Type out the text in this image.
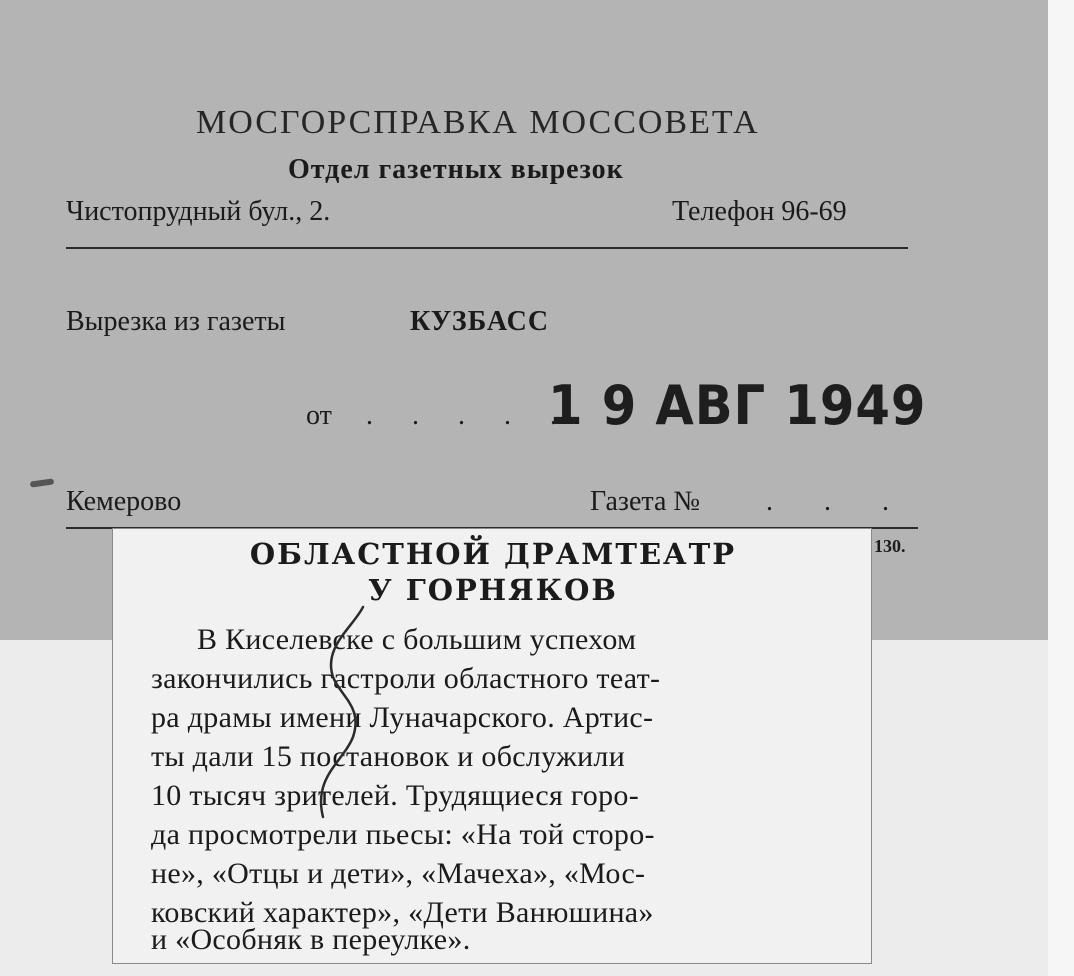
МОСГОРСПРАВКА МОССОВЕТА
Отдел газетных вырезок
Чистопрудный бул., 2.	Телефон 96-69
Вырезка из газеты	КУЗБАСС
от . . . . .
1 9 АВГ 1949
Кемерово	Газета № . . .
130.
ОБЛАСТНОЙ ДРАМТЕАТР
У ГОРНЯКОВ
В Киселевске с большим успехом
закончились гастроли областного теат-
ра драмы имени Луначарского. Артис-
ты дали 15 постановок и обслужили
10 тысяч зрителей. Трудящиеся горо-
да просмотрели пьесы: «На той сторо-
не», «Отцы и дети», «Мачеха», «Мос-
ковский характер», «Дети Ванюшина»
и «Особняк в переулке».
